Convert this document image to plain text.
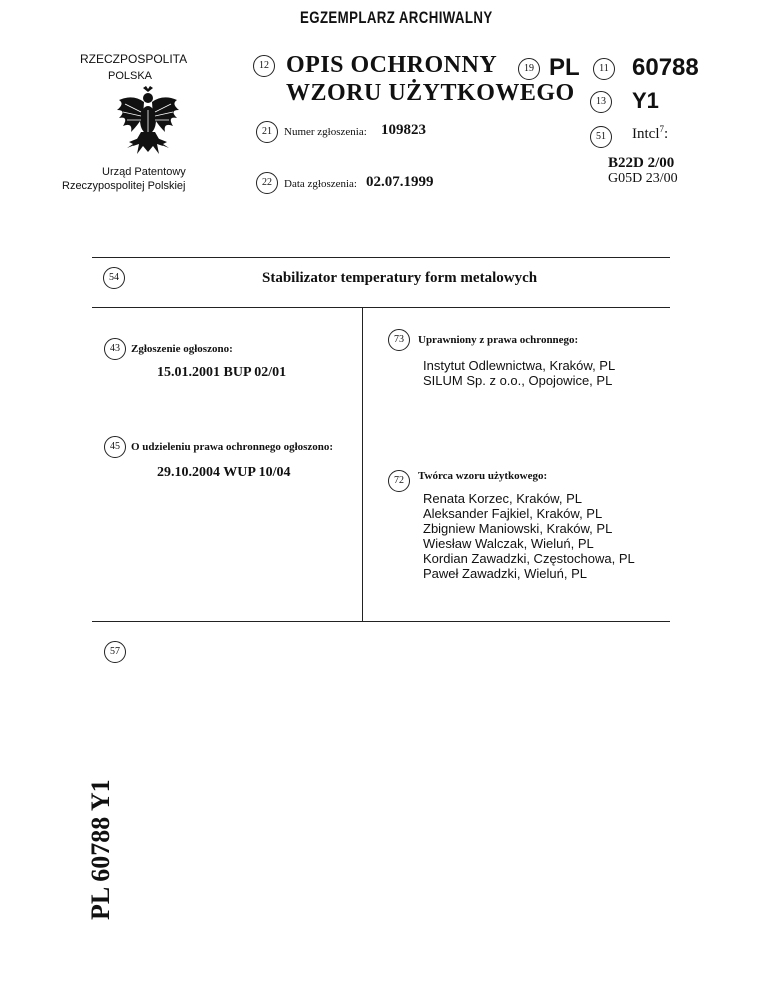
EGZEMPLARZ ARCHIWALNY
RZECZPOSPOLITA
POLSKA
Urząd Patentowy
Rzeczypospolitej Polskiej
12 OPIS OCHRONNY
WZORU UŻYTKOWEGO
19 PL	11 60788
13 Y1
21	Numer zgłoszenia: 109823	51	Intcl$^7$:
B22D 2/00
G05D 23/00
22	Data zgłoszenia: 02.07.1999
54	Stabilizator temperatury form metalowych
43	Zgłoszenie ogłoszono:
15.01.2001 BUP 02/01
73	Uprawniony z prawa ochronnego:
Instytut Odlewnictwa, Kraków, PL
SILUM Sp. z o.o., Opojowice, PL
45	O udzieleniu prawa ochronnego ogłoszono:
29.10.2004 WUP 10/04
72	Twórca wzoru użytkowego:
Renata Korzec, Kraków, PL
Aleksander Fajkiel, Kraków, PL
Zbigniew Maniowski, Kraków, PL
Wiesław Walczak, Wieluń, PL
Kordian Zawadzki, Częstochowa, PL
Paweł Zawadzki, Wieluń, PL
57
PL 60788 Y1
